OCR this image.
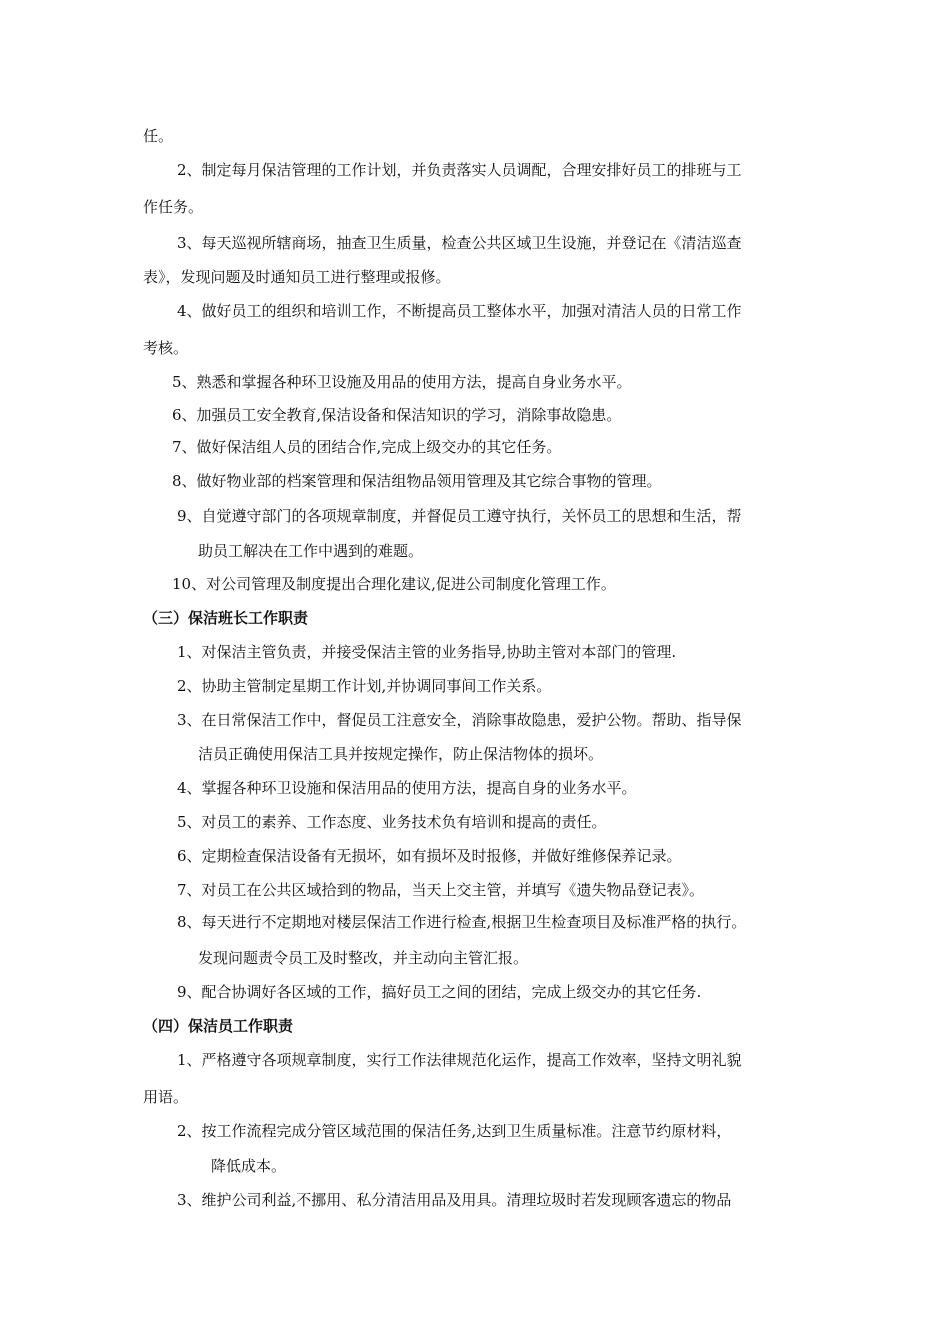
任。
2、制定每月保洁管理的工作计划，并负责落实人员调配，合理安排好员工的排班与工
作任务。
3、每天巡视所辖商场，抽查卫生质量，检查公共区域卫生设施，并登记在《清洁巡查
表》，发现问题及时通知员工进行整理或报修。
4、做好员工的组织和培训工作，不断提高员工整体水平，加强对清洁人员的日常工作
考核。
5、熟悉和掌握各种环卫设施及用品的使用方法，提高自身业务水平。
6、加强员工安全教育,保洁设备和保洁知识的学习，消除事故隐患。
7、做好保洁组人员的团结合作,完成上级交办的其它任务。
8、做好物业部的档案管理和保洁组物品领用管理及其它综合事物的管理。
9、自觉遵守部门的各项规章制度，并督促员工遵守执行，关怀员工的思想和生活，帮
助员工解决在工作中遇到的难题。
10、对公司管理及制度提出合理化建议,促进公司制度化管理工作。
（三）保洁班长工作职责
1、对保洁主管负责，并接受保洁主管的业务指导,协助主管对本部门的管理.
2、协助主管制定星期工作计划,并协调同事间工作关系。
3、在日常保洁工作中，督促员工注意安全，消除事故隐患，爱护公物。帮助、指导保
洁员正确使用保洁工具并按规定操作，防止保洁物体的损坏。
4、掌握各种环卫设施和保洁用品的使用方法，提高自身的业务水平。
5、对员工的素养、工作态度、业务技术负有培训和提高的责任。
6、定期检查保洁设备有无损坏，如有损坏及时报修，并做好维修保养记录。
7、对员工在公共区域拾到的物品，当天上交主管，并填写《遗失物品登记表》。
8、每天进行不定期地对楼层保洁工作进行检查,根据卫生检查项目及标准严格的执行。
发现问题责令员工及时整改，并主动向主管汇报。
9、配合协调好各区域的工作，搞好员工之间的团结，完成上级交办的其它任务.
（四）保洁员工作职责
1、严格遵守各项规章制度，实行工作法律规范化运作，提高工作效率，坚持文明礼貌
用语。
2、按工作流程完成分管区域范围的保洁任务,达到卫生质量标准。注意节约原材料，
降低成本。
3、维护公司利益,不挪用、私分清洁用品及用具。清理垃圾时若发现顾客遗忘的物品
